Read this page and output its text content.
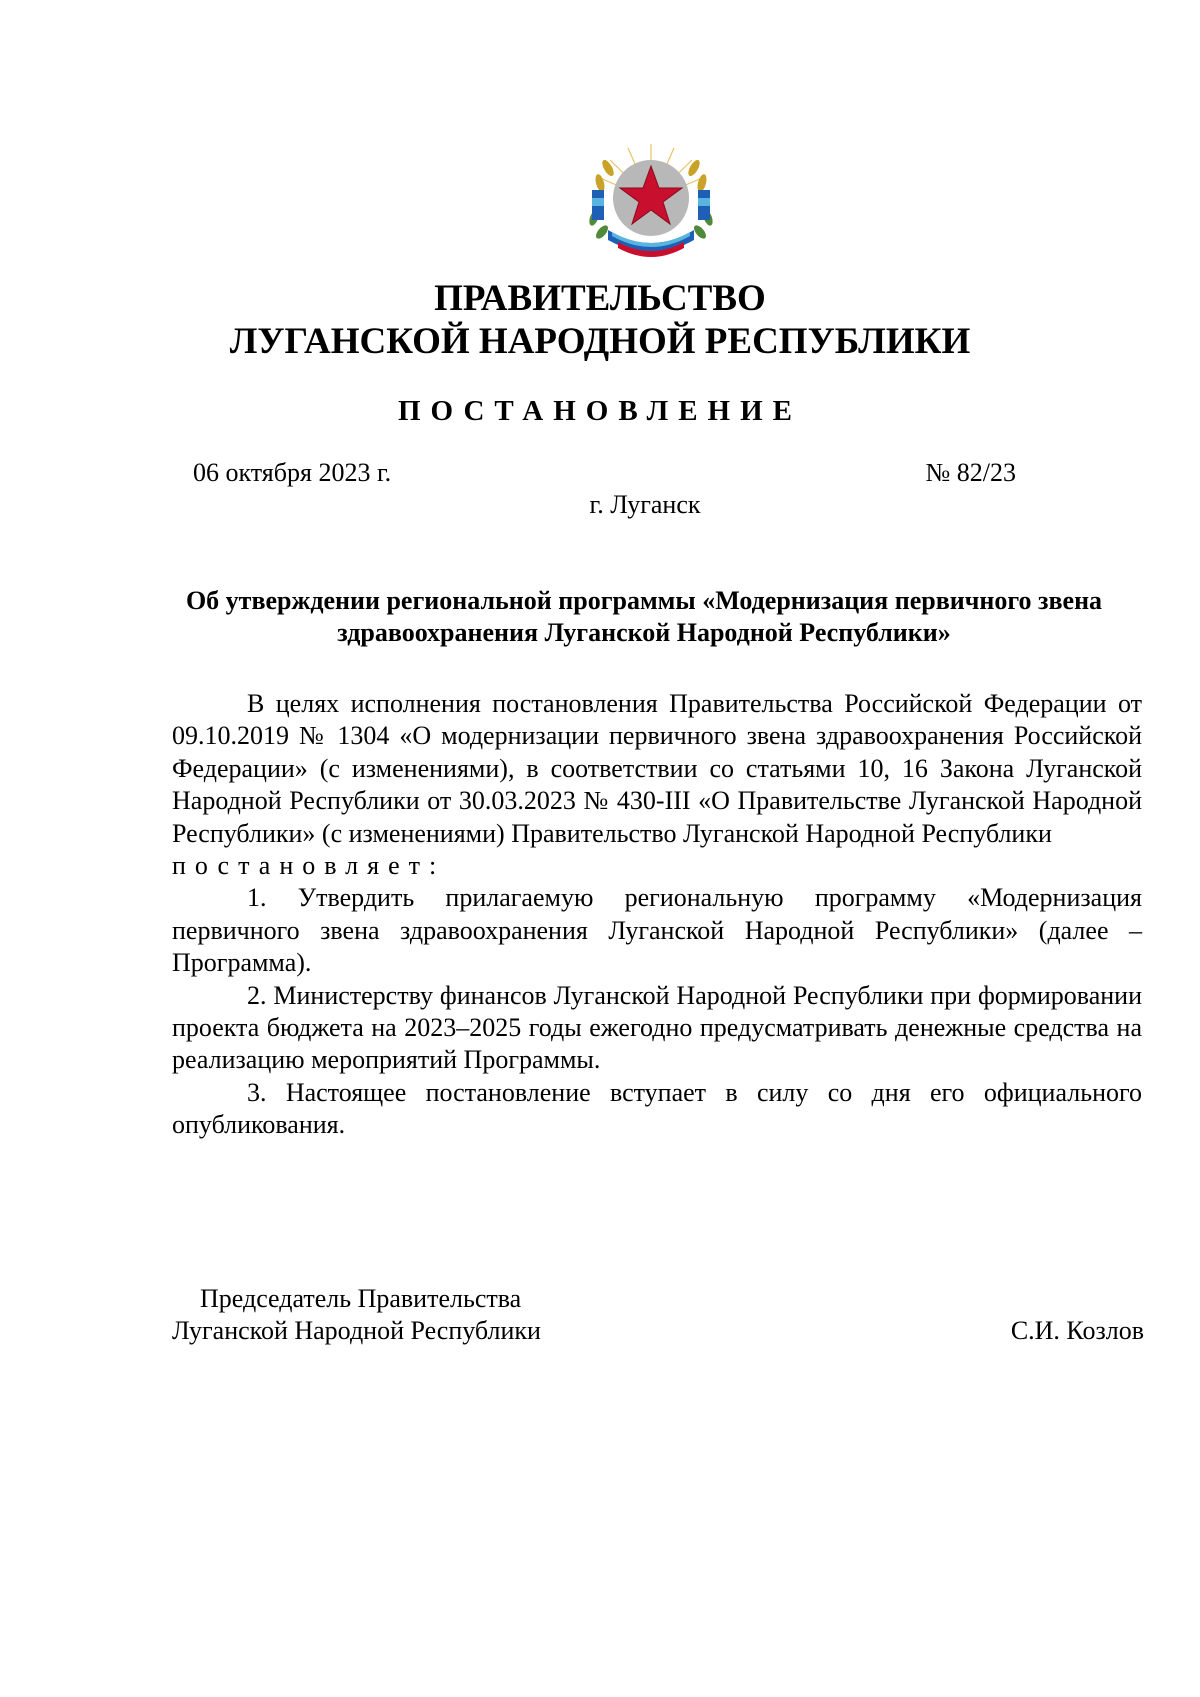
ПРАВИТЕЛЬСТВО
ЛУГАНСКОЙ НАРОДНОЙ РЕСПУБЛИКИ
ПОСТАНОВЛЕНИЕ
06 октября 2023 г.	№ 82/23
г. Луганск
Об утверждении региональной программы «Модернизация первичного звена здравоохранения Луганской Народной Республики»

В целях исполнения постановления Правительства Российской Федерации от 09.10.2019 № 1304 «О модернизации первичного звена здравоохранения Российской Федерации» (с изменениями), в соответствии со статьями 10, 16 Закона Луганской Народной Республики от 30.03.2023 № 430-III «О Правительстве Луганской Народной Республики» (с изменениями) Правительство Луганской Народной Республики

постановляет:

1. Утвердить прилагаемую региональную программу «Модернизация первичного звена здравоохранения Луганской Народной Республики» (далее – Программа).

2. Министерству финансов Луганской Народной Республики при формировании проекта бюджета на 2023–2025 годы ежегодно предусматривать денежные средства на реализацию мероприятий Программы.

3. Настоящее постановление вступает в силу со дня его официального опубликования.

Председатель Правительства
Луганской Народной Республики	С.И. Козлов
